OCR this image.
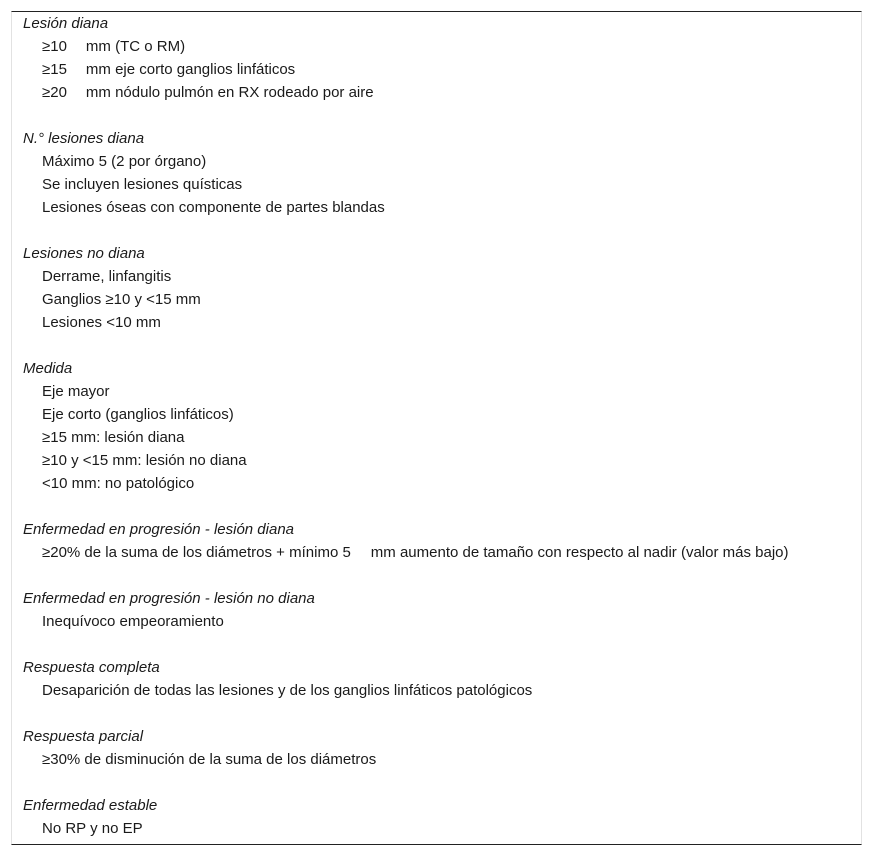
Lesión diana
≥10 mm (TC o RM)
≥15 mm eje corto ganglios linfáticos
≥20 mm nódulo pulmón en RX rodeado por aire
N.° lesiones diana
Máximo 5 (2 por órgano)
Se incluyen lesiones quísticas
Lesiones óseas con componente de partes blandas
Lesiones no diana
Derrame, linfangitis
Ganglios ≥10 y <15 mm
Lesiones <10 mm
Medida
Eje mayor
Eje corto (ganglios linfáticos)
≥15 mm: lesión diana
≥10 y <15 mm: lesión no diana
<10 mm: no patológico
Enfermedad en progresión - lesión diana
≥20% de la suma de los diámetros + mínimo 5 mm aumento de tamaño con respecto al nadir (valor más bajo)
Enfermedad en progresión - lesión no diana
Inequívoco empeoramiento
Respuesta completa
Desaparición de todas las lesiones y de los ganglios linfáticos patológicos
Respuesta parcial
≥30% de disminución de la suma de los diámetros
Enfermedad estable
No RP y no EP
